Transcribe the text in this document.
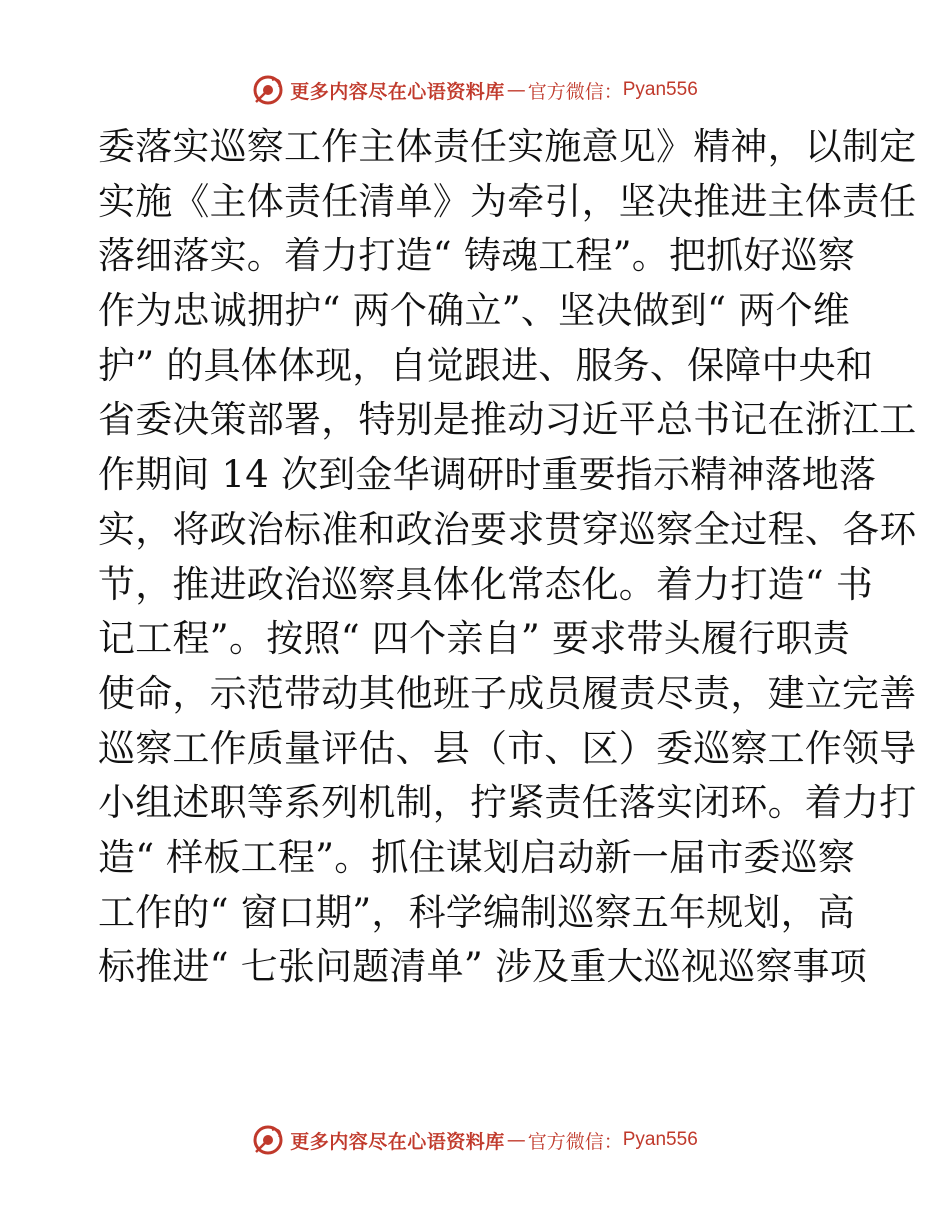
更多内容尽在心语资料库 — 官方微信： Pyan556
委落实巡察工作主体责任实施意见》精神，以制定
实施《主体责任清单》为牵引，坚决推进主体责任
落细落实。着力打造“ 铸魂工程”。把抓好巡察
作为忠诚拥护“ 两个确立”、坚决做到“ 两个维
护” 的具体体现，自觉跟进、服务、保障中央和
省委决策部署，特别是推动习近平总书记在浙江工
作期间 14 次到金华调研时重要指示精神落地落
实，将政治标准和政治要求贯穿巡察全过程、各环
节，推进政治巡察具体化常态化。着力打造“ 书
记工程”。按照“ 四个亲自” 要求带头履行职责
使命，示范带动其他班子成员履责尽责，建立完善
巡察工作质量评估、县（市、区）委巡察工作领导
小组述职等系列机制，拧紧责任落实闭环。着力打
造“ 样板工程”。抓住谋划启动新一届市委巡察
工作的“ 窗口期”，科学编制巡察五年规划，高
标推进“ 七张问题清单” 涉及重大巡视巡察事项
更多内容尽在心语资料库 — 官方微信： Pyan556
